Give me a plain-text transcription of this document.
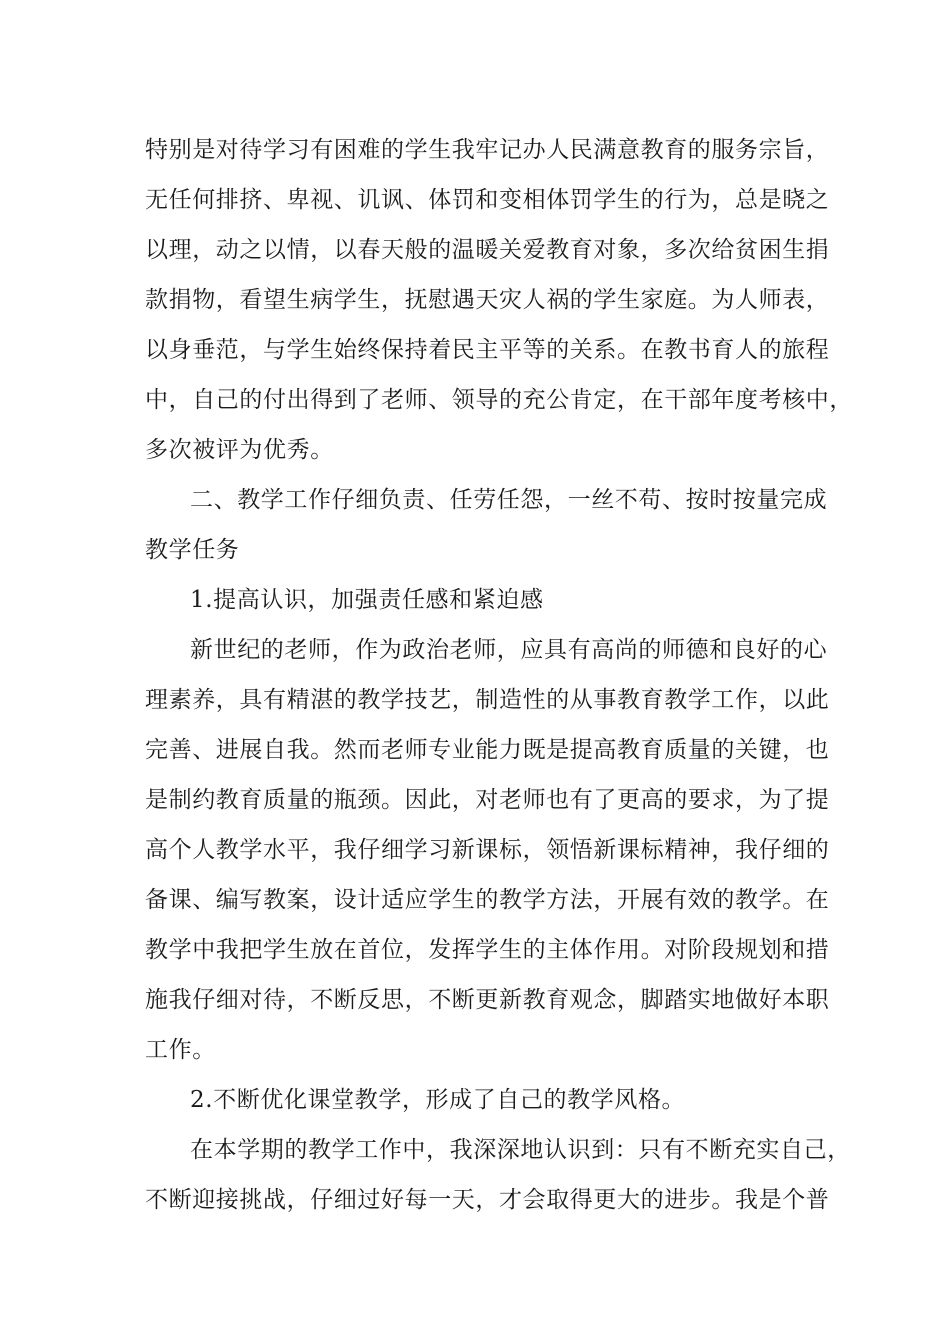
特别是对待学习有困难的学生我牢记办人民满意教育的服务宗旨，
无任何排挤、卑视、讥讽、体罚和变相体罚学生的行为，总是晓之
以理，动之以情，以春天般的温暖关爱教育对象，多次给贫困生捐
款捐物，看望生病学生，抚慰遇天灾人祸的学生家庭。为人师表，
以身垂范，与学生始终保持着民主平等的关系。在教书育人的旅程
中，自己的付出得到了老师、领导的充公肯定，在干部年度考核中，
多次被评为优秀。
二、教学工作仔细负责、任劳任怨，一丝不苟、按时按量完成
教学任务
1.提高认识，加强责任感和紧迫感
新世纪的老师，作为政治老师，应具有高尚的师德和良好的心
理素养，具有精湛的教学技艺，制造性的从事教育教学工作，以此
完善、进展自我。然而老师专业能力既是提高教育质量的关键，也
是制约教育质量的瓶颈。因此，对老师也有了更高的要求，为了提
高个人教学水平，我仔细学习新课标，领悟新课标精神，我仔细的
备课、编写教案，设计适应学生的教学方法，开展有效的教学。在
教学中我把学生放在首位，发挥学生的主体作用。对阶段规划和措
施我仔细对待，不断反思，不断更新教育观念，脚踏实地做好本职
工作。
2.不断优化课堂教学，形成了自己的教学风格。
在本学期的教学工作中，我深深地认识到：只有不断充实自己，
不断迎接挑战，仔细过好每一天，才会取得更大的进步。我是个普
